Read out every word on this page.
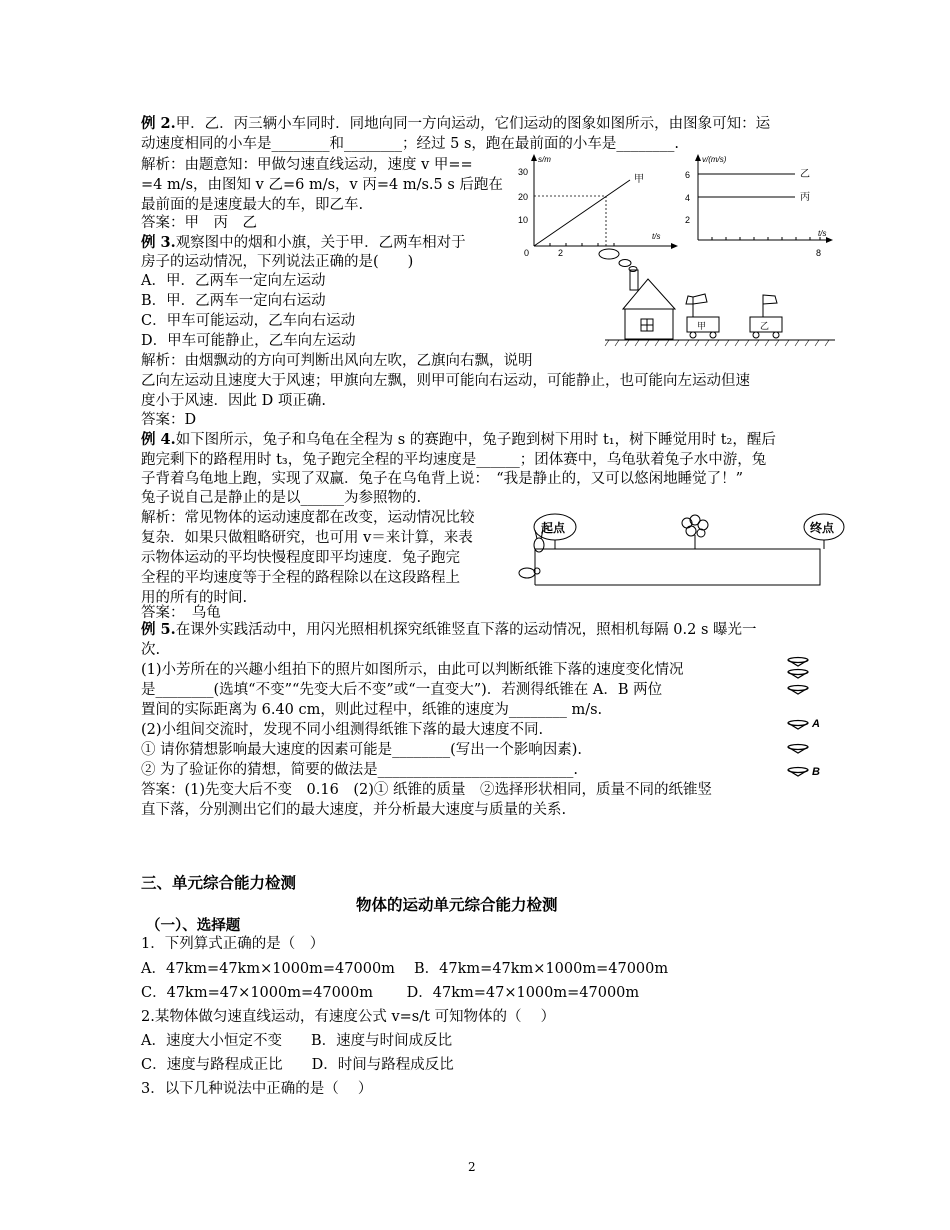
例 2.甲．乙．丙三辆小车同时．同地向同一方向运动，它们运动的图象如图所示，由图象可知：运
动速度相同的小车是________和________；经过 5 s，跑在最前面的小车是________.
解析：由题意知：甲做匀速直线运动，速度 v 甲==
=4 m/s，由图知 v 乙=6 m/s，v 丙=4 m/s.5 s 后跑在
最前面的是速度最大的车，即乙车.
答案：甲　丙　乙
s/m
t/s
30
20
10
0	2
甲
v/(m/s)
t/s
6
4
2
8
乙
丙
例 3.观察图中的烟和小旗，关于甲．乙两车相对于
房子的运动情况，下列说法正确的是(　　)
A．甲．乙两车一定向左运动
B．甲．乙两车一定向右运动
C．甲车可能运动，乙车向右运动
D．甲车可能静止，乙车向左运动
解析：由烟飘动的方向可判断出风向左吹，乙旗向右飘，说明
乙向左运动且速度大于风速；甲旗向左飘，则甲可能向右运动，可能静止，也可能向左运动但速
度小于风速．因此 D 项正确.
答案：D
甲	乙
例 4.如下图所示，兔子和乌龟在全程为 s 的赛跑中，兔子跑到树下用时 t₁，树下睡觉用时 t₂，醒后
跑完剩下的路程用时 t₃，兔子跑完全程的平均速度是______；团体赛中，乌龟驮着兔子水中游，兔
子背着乌龟地上跑，实现了双赢．兔子在乌龟背上说：　“我是静止的，又可以悠闲地睡觉了！”
兔子说自己是静止的是以______为参照物的.
解析：常见物体的运动速度都在改变，运动情况比较
复杂．如果只做粗略研究，也可用 v＝来计算，来表
示物体运动的平均快慢程度即平均速度．兔子跑完
全程的平均速度等于全程的路程除以在这段路程上
用的所有的时间.
答案：　乌龟
起点	终点
例 5.在课外实践活动中，用闪光照相机探究纸锥竖直下落的运动情况，照相机每隔 0.2 s 曝光一
次.
(1)小芳所在的兴趣小组拍下的照片如图所示，由此可以判断纸锥下落的速度变化情况
是________(选填“不变”“先变大后不变”或“一直变大”)．若测得纸锥在 A．B 两位
置间的实际距离为 6.40 cm，则此过程中，纸锥的速度为________ m/s.
(2)小组间交流时，发现不同小组测得纸锥下落的最大速度不同.
① 请你猜想影响最大速度的因素可能是________(写出一个影响因素).
② 为了验证你的猜想，简要的做法是___________________________.
答案：(1)先变大后不变　0.16　(2)① 纸锥的质量　②选择形状相同，质量不同的纸锥竖
直下落，分别测出它们的最大速度，并分析最大速度与质量的关系.
A
B
三、单元综合能力检测
物体的运动单元综合能力检测
（一）、选择题
1．下列算式正确的是（　）
A．47km=47km×1000m=47000m　 B．47km=47km×1000m=47000m
C．47km=47×1000m=47000m　　 D．47km=47×1000m=47000m
2.某物体做匀速直线运动，有速度公式 v=s/t 可知物体的（　 ）
A．速度大小恒定不变　　B．速度与时间成反比
C．速度与路程成正比　　D．时间与路程成反比
3．以下几种说法中正确的是（　 ）
2
